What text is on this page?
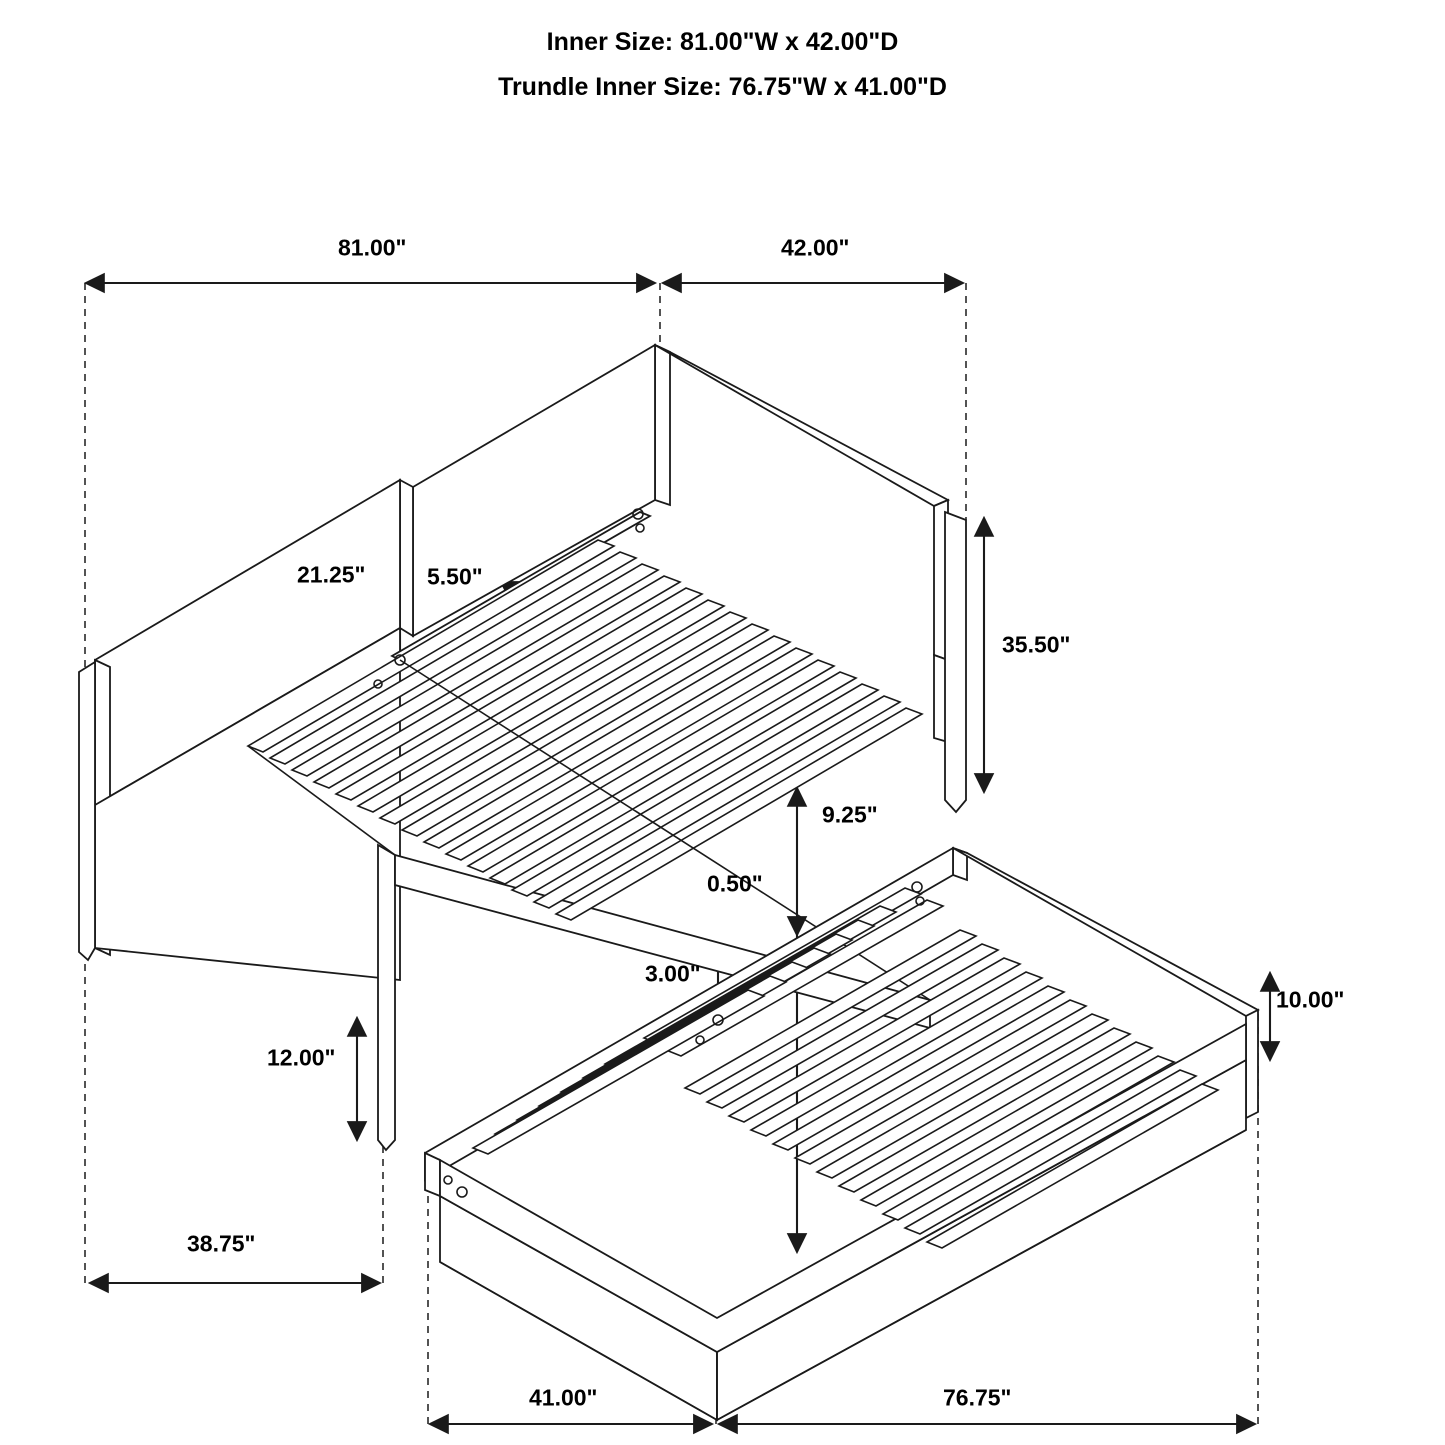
Inner Size: 81.00"W x 42.00"D
Trundle Inner Size: 76.75"W x 41.00"D
81.00"	42.00"
21.25"	5.50"
35.50"
9.25"
0.50"
3.00"
10.00"
12.00"
38.75"
41.00"	76.75"
